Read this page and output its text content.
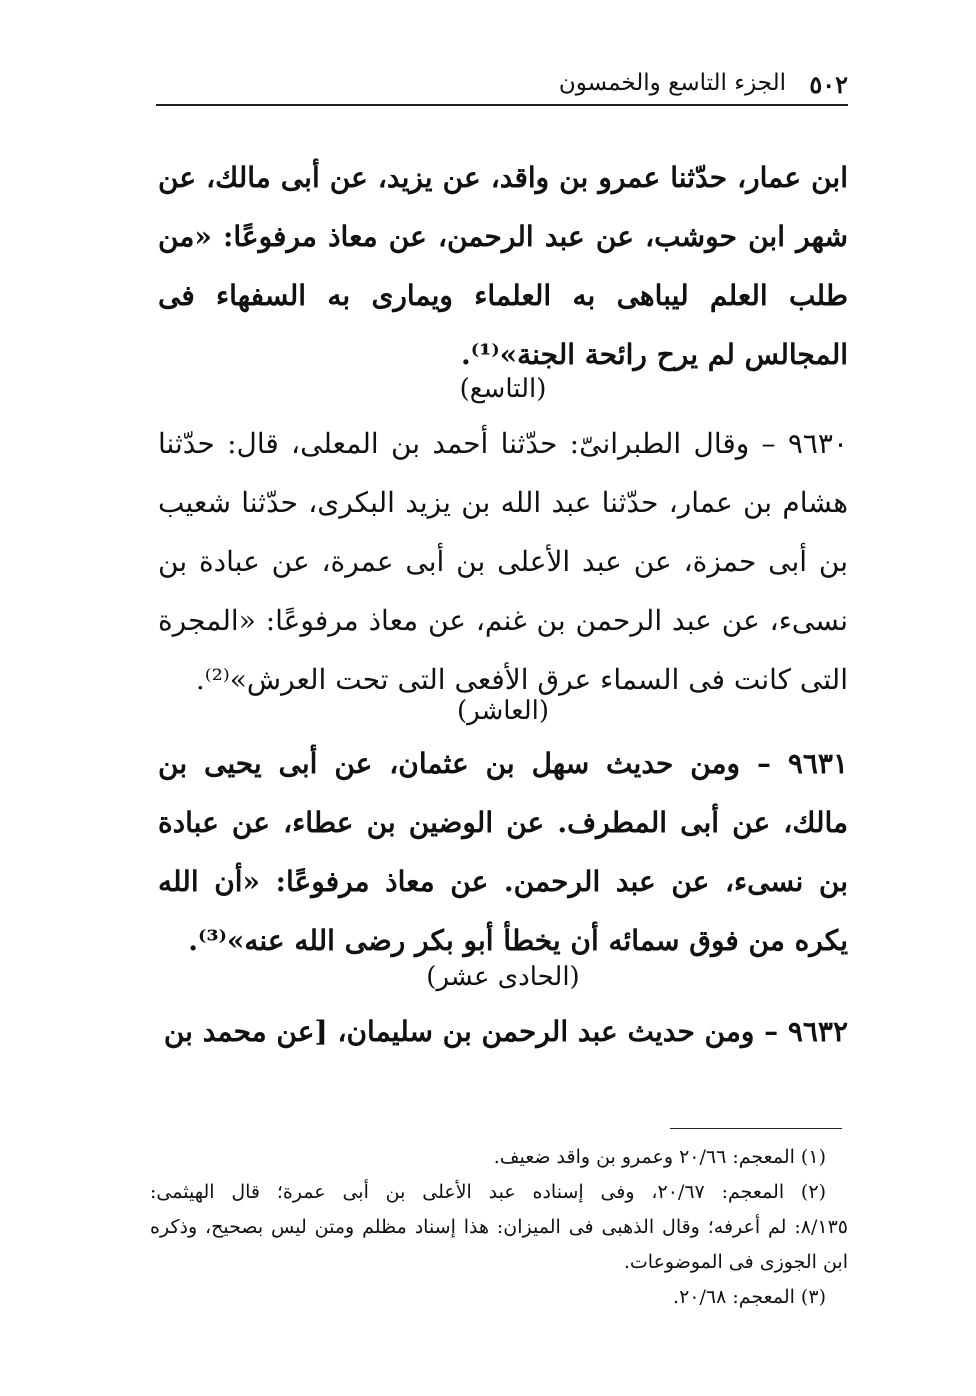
٥٠٢
الجزء التاسع والخمسون

ابن عمار، حدّثنا عمرو بن واقد، عن يزيد، عن أبى مالك، عن شهر ابن حوشب، عن عبد الرحمن، عن معاذ مرفوعًا: «من طلب العلم ليباهى به العلماء ويمارى به السفهاء فى المجالس لم يرح رائحة الجنة»⁽¹⁾.

(التاسع)

٩٦٣٠ – وقال الطبرانىّ: حدّثنا أحمد بن المعلى، قال: حدّثنا هشام بن عمار، حدّثنا عبد الله بن يزيد البكرى، حدّثنا شعيب بن أبى حمزة، عن عبد الأعلى بن أبى عمرة، عن عبادة بن نسىء، عن عبد الرحمن بن غنم، عن معاذ مرفوعًا: «المجرة التى كانت فى السماء عرق الأفعى التى تحت العرش»⁽²⁾.

(العاشر)

٩٦٣١ – ومن حديث سهل بن عثمان، عن أبى يحيى بن مالك، عن أبى المطرف. عن الوضين بن عطاء، عن عبادة بن نسىء، عن عبد الرحمن. عن معاذ مرفوعًا: «أن الله يكره من فوق سمائه أن يخطأ أبو بكر رضى الله عنه»⁽³⁾.

(الحادى عشر)

٩٦٣٢ – ومن حديث عبد الرحمن بن سليمان، [عن محمد بن

(١) المعجم: ٢٠/٦٦ وعمرو بن واقد ضعيف.

(٢) المعجم: ٢٠/٦٧، وفى إسناده عبد الأعلى بن أبى عمرة؛ قال الهيثمى:

٨/١٣٥: لم أعرفه؛ وقال الذهبى فى الميزان: هذا إسناد مظلم ومتن ليس بصحيح، وذكره

ابن الجوزى فى الموضوعات.

(٣) المعجم: ٢٠/٦٨.
